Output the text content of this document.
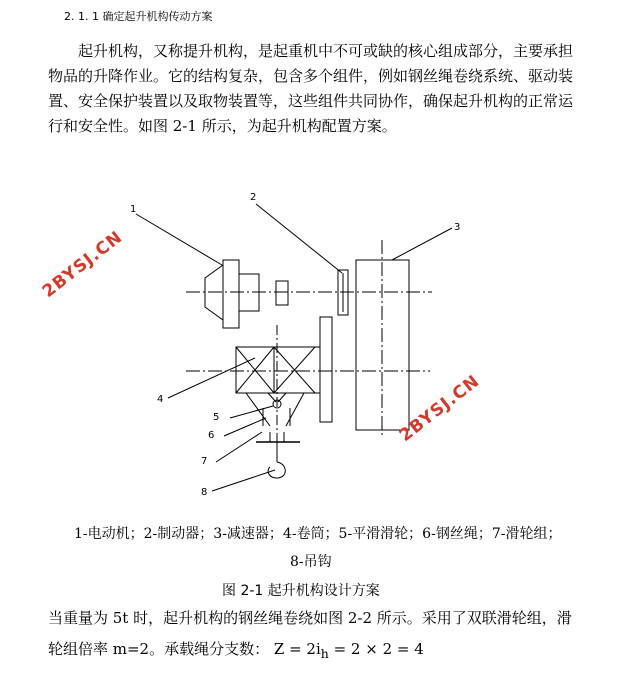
2. 1. 1 确定起升机构传动方案
起升机构，又称提升机构，是起重机中不可或缺的核心组成部分，主要承担物品的升降作业。它的结构复杂，包含多个组件，例如钢丝绳卷绕系统、驱动装置、安全保护装置以及取物装置等，这些组件共同协作，确保起升机构的正常运行和安全性。如图 2-1 所示，为起升机构配置方案。
1
2
3
4
5
6
7
8
2BYSJ.CN
2BYSJ.CN
1-电动机；2-制动器；3-减速器；4-卷筒；5-平滑滑轮；6-钢丝绳；7-滑轮组；
8-吊钩
图 2-1 起升机构设计方案
当重量为 5t 时，起升机构的钢丝绳卷绕如图 2-2 所示。采用了双联滑轮组，滑
轮组倍率 m=2。承载绳分支数： $Z = 2i_h = 2 \times 2 = 4$
